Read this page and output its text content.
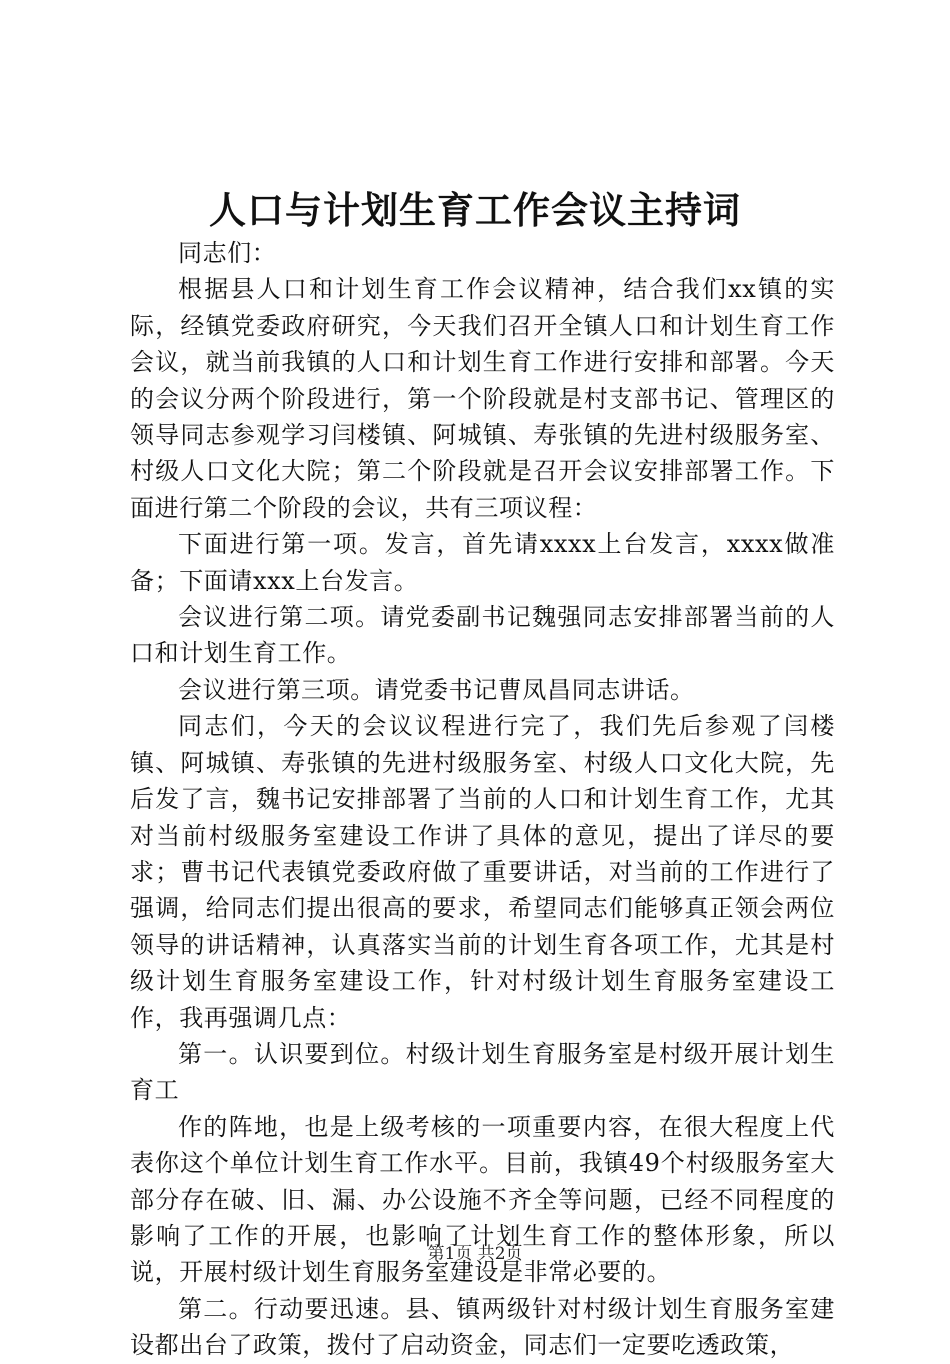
人口与计划生育工作会议主持词

同志们：

根据县人口和计划生育工作会议精神，结合我们xx镇的实际，经镇党委政府研究，今天我们召开全镇人口和计划生育工作会议，就当前我镇的人口和计划生育工作进行安排和部署。今天的会议分两个阶段进行，第一个阶段就是村支部书记、管理区的领导同志参观学习闫楼镇、阿城镇、寿张镇的先进村级服务室、村级人口文化大院；第二个阶段就是召开会议安排部署工作。下面进行第二个阶段的会议，共有三项议程：

下面进行第一项。发言，首先请xxxx上台发言，xxxx做准备；下面请xxx上台发言。

会议进行第二项。请党委副书记魏强同志安排部署当前的人口和计划生育工作。

会议进行第三项。请党委书记曹凤昌同志讲话。

同志们，今天的会议议程进行完了，我们先后参观了闫楼镇、阿城镇、寿张镇的先进村级服务室、村级人口文化大院，先后发了言，魏书记安排部署了当前的人口和计划生育工作，尤其对当前村级服务室建设工作讲了具体的意见，提出了详尽的要求；曹书记代表镇党委政府做了重要讲话，对当前的工作进行了强调，给同志们提出很高的要求，希望同志们能够真正领会两位领导的讲话精神，认真落实当前的计划生育各项工作，尤其是村级计划生育服务室建设工作，针对村级计划生育服务室建设工作，我再强调几点：

第一。认识要到位。村级计划生育服务室是村级开展计划生育工

作的阵地，也是上级考核的一项重要内容，在很大程度上代表你这个单位计划生育工作水平。目前，我镇49个村级服务室大部分存在破、旧、漏、办公设施不齐全等问题，已经不同程度的影响了工作的开展，也影响了计划生育工作的整体形象，所以说，开展村级计划生育服务室建设是非常必要的。

第二。行动要迅速。县、镇两级针对村级计划生育服务室建设都出台了政策，拨付了启动资金，同志们一定要吃透政策，

第1页 共2页
